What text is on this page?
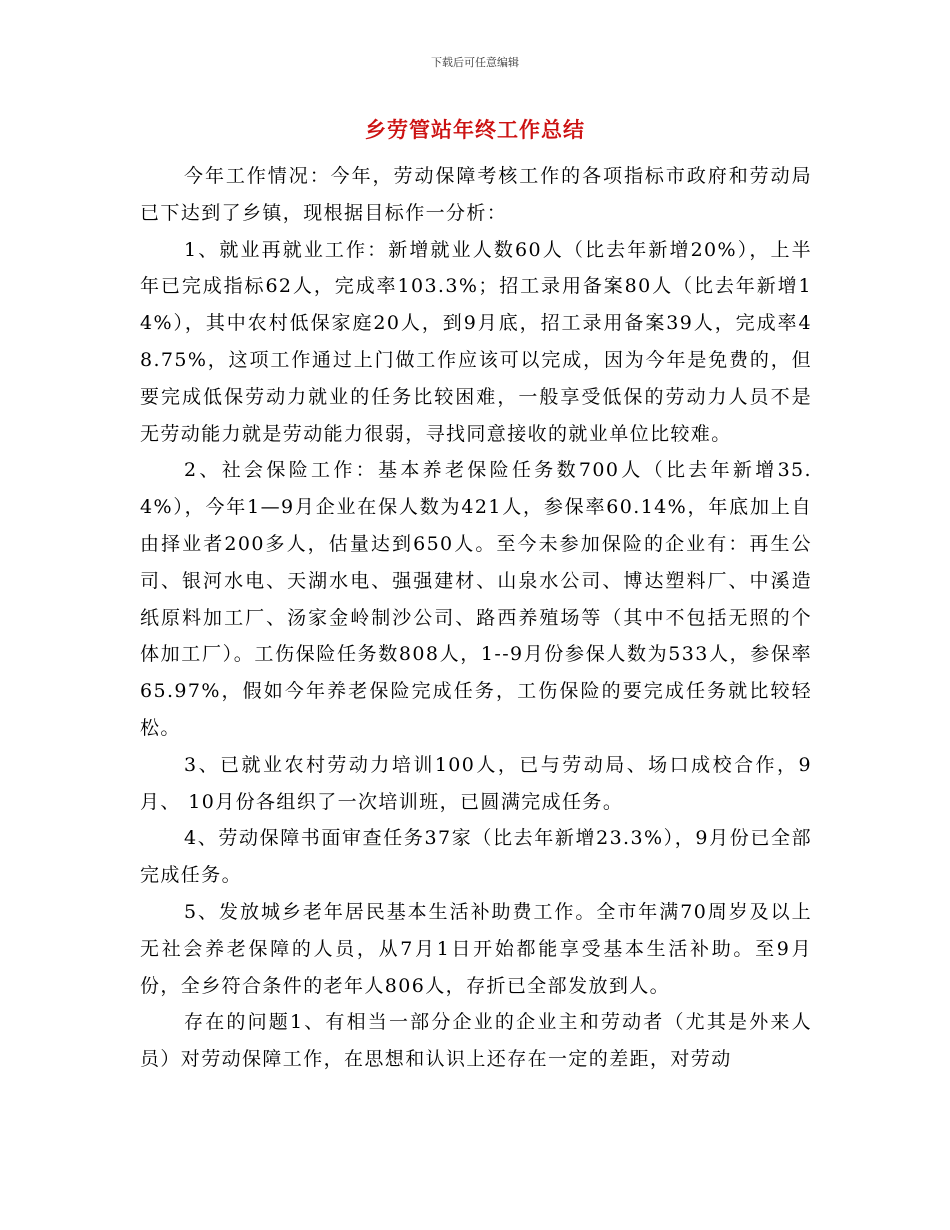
下载后可任意编辑
乡劳管站年终工作总结

今年工作情况：今年，劳动保障考核工作的各项指标市政府和劳动局已下达到了乡镇，现根据目标作一分析：

1、就业再就业工作：新增就业人数60人（比去年新增20%），上半年已完成指标62人，完成率103.3%；招工录用备案80人（比去年新增14%），其中农村低保家庭20人，到9月底，招工录用备案39人，完成率48.75%，这项工作通过上门做工作应该可以完成，因为今年是免费的，但要完成低保劳动力就业的任务比较困难，一般享受低保的劳动力人员不是无劳动能力就是劳动能力很弱，寻找同意接收的就业单位比较难。

2、社会保险工作：基本养老保险任务数700人（比去年新增35.4%），今年1—9月企业在保人数为421人，参保率60.14%，年底加上自由择业者200多人，估量达到650人。至今未参加保险的企业有：再生公司、银河水电、天湖水电、强强建材、山泉水公司、博达塑料厂、中溪造纸原料加工厂、汤家金岭制沙公司、路西养殖场等（其中不包括无照的个体加工厂）。工伤保险任务数808人，1--9月份参保人数为533人，参保率65.97%，假如今年养老保险完成任务，工伤保险的要完成任务就比较轻松。

3、已就业农村劳动力培训100人，已与劳动局、场口成校合作，9月、 10月份各组织了一次培训班，已圆满完成任务。

4、劳动保障书面审查任务37家（比去年新增23.3%），9月份已全部完成任务。

5、发放城乡老年居民基本生活补助费工作。全市年满70周岁及以上无社会养老保障的人员，从7月1日开始都能享受基本生活补助。至9月份，全乡符合条件的老年人806人，存折已全部发放到人。

存在的问题1、有相当一部分企业的企业主和劳动者（尤其是外来人员）对劳动保障工作，在思想和认识上还存在一定的差距，对劳动
